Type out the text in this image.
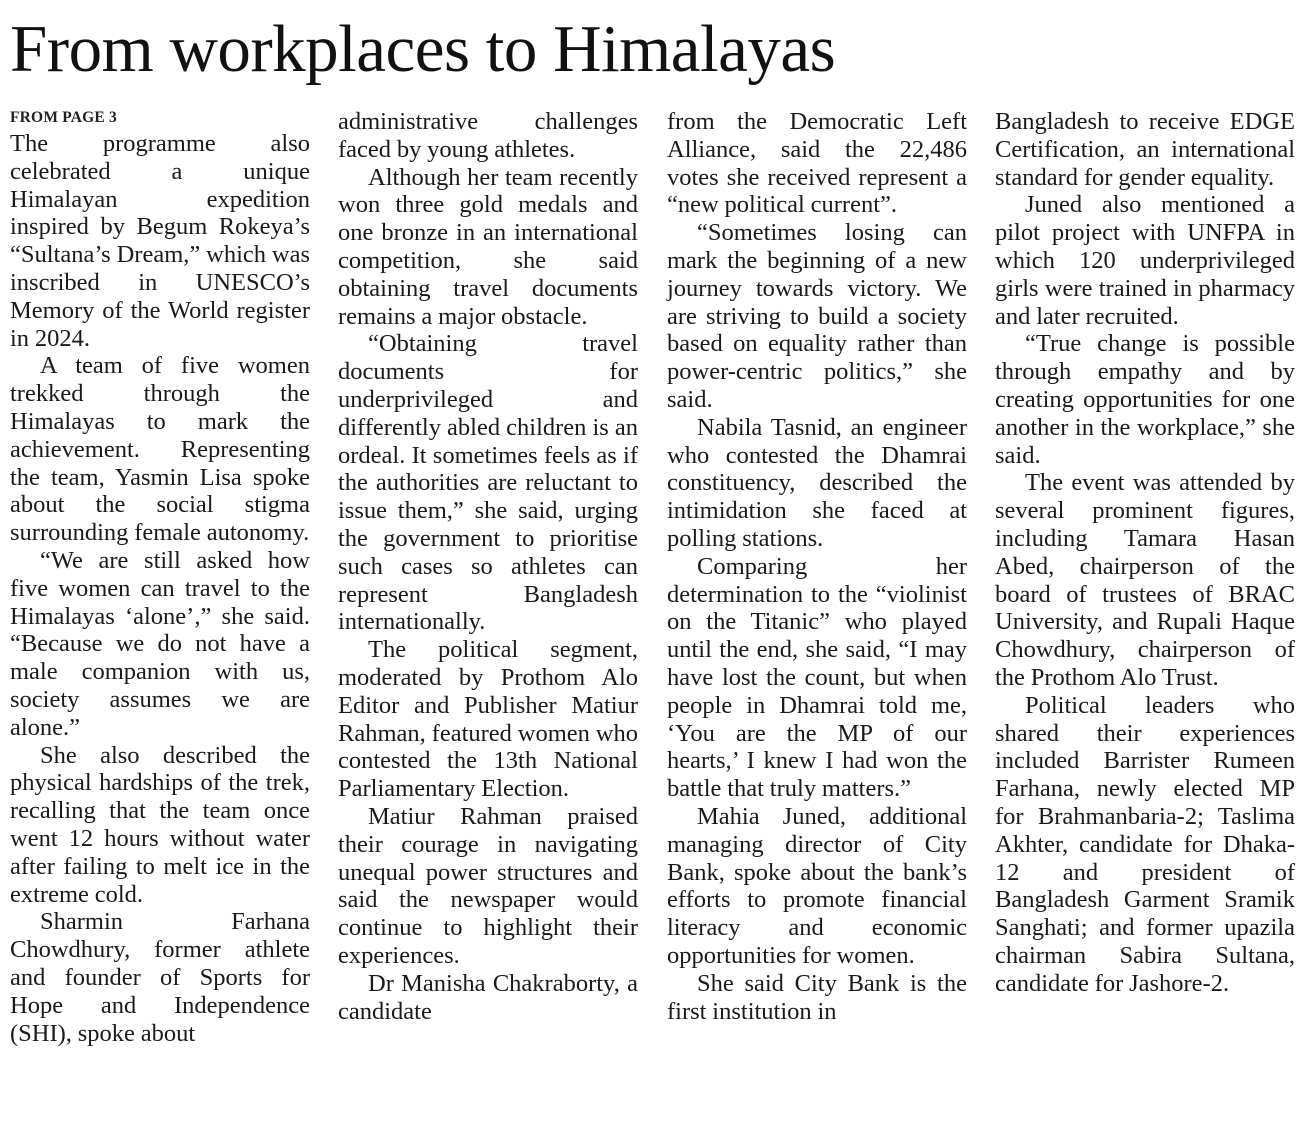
From workplaces to Himalayas
FROM PAGE 3

The programme also celebrated a unique Himalayan expedition inspired by Begum Rokeya’s “Sultana’s Dream,” which was inscribed in UNESCO’s Memory of the World register in 2024.

A team of five women trekked through the Himalayas to mark the achievement. Representing the team, Yasmin Lisa spoke about the social stigma surrounding female autonomy.

“We are still asked how five women can travel to the Himalayas ‘alone’,” she said. “Because we do not have a male companion with us, society assumes we are alone.”

She also described the physical hardships of the trek, recalling that the team once went 12 hours without water after failing to melt ice in the extreme cold.

Sharmin Farhana Chowdhury, former athlete and founder of Sports for Hope and Independence (SHI), spoke about

administrative challenges faced by young athletes.

Although her team recently won three gold medals and one bronze in an international competition, she said obtaining travel documents remains a major obstacle.

“Obtaining travel documents for underprivileged and differently abled children is an ordeal. It sometimes feels as if the authorities are reluctant to issue them,” she said, urging the government to prioritise such cases so athletes can represent Bangladesh internationally.

The political segment, moderated by Prothom Alo Editor and Publisher Matiur Rahman, featured women who contested the 13th National Parliamentary Election.

Matiur Rahman praised their courage in navigating unequal power structures and said the newspaper would continue to highlight their experiences.

Dr Manisha Chakraborty, a candidate

from the Democratic Left Alliance, said the 22,486 votes she received represent a “new political current”.

“Sometimes losing can mark the beginning of a new journey towards victory. We are striving to build a society based on equality rather than power-centric politics,” she said.

Nabila Tasnid, an engineer who contested the Dhamrai constituency, described the intimidation she faced at polling stations.

Comparing her determination to the “violinist on the Titanic” who played until the end, she said, “I may have lost the count, but when people in Dhamrai told me, ‘You are the MP of our hearts,’ I knew I had won the battle that truly matters.”

Mahia Juned, additional managing director of City Bank, spoke about the bank’s efforts to promote financial literacy and economic opportunities for women.

She said City Bank is the first institution in

Bangladesh to receive EDGE Certification, an international standard for gender equality.

Juned also mentioned a pilot project with UNFPA in which 120 underprivileged girls were trained in pharmacy and later recruited.

“True change is possible through empathy and by creating opportunities for one another in the workplace,” she said.

The event was attended by several prominent figures, including Tamara Hasan Abed, chairperson of the board of trustees of BRAC University, and Rupali Haque Chowdhury, chairperson of the Prothom Alo Trust.

Political leaders who shared their experiences included Barrister Rumeen Farhana, newly elected MP for Brahmanbaria-2; Taslima Akhter, candidate for Dhaka-12 and president of Bangladesh Garment Sramik Sanghati; and former upazila chairman Sabira Sultana, candidate for Jashore-2.
